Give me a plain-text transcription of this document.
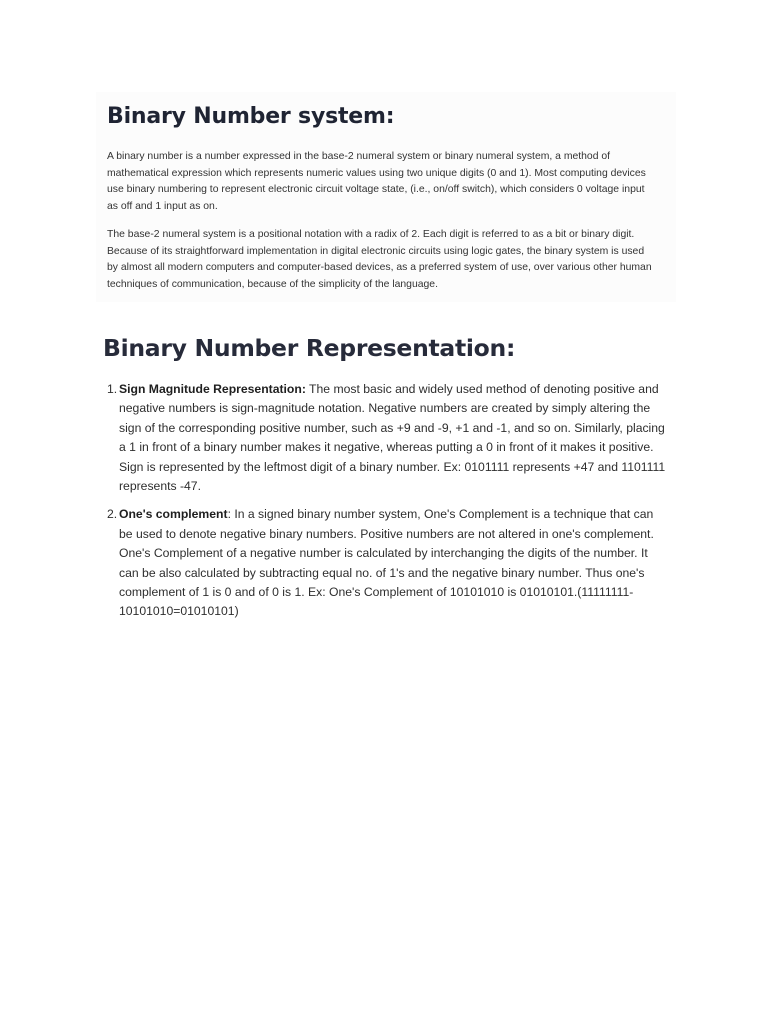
Binary Number system:

A binary number is a number expressed in the base-2 numeral system or binary numeral system, a method of mathematical expression which represents numeric values using two unique digits (0 and 1). Most computing devices use binary numbering to represent electronic circuit voltage state, (i.e., on/off switch), which considers 0 voltage input as off and 1 input as on.

The base-2 numeral system is a positional notation with a radix of 2. Each digit is referred to as a bit or binary digit. Because of its straightforward implementation in digital electronic circuits using logic gates, the binary system is used by almost all modern computers and computer-based devices, as a preferred system of use, over various other human techniques of communication, because of the simplicity of the language.

Binary Number Representation:
1. Sign Magnitude Representation: The most basic and widely used method of denoting positive and negative numbers is sign-magnitude notation. Negative numbers are created by simply altering the sign of the corresponding positive number, such as +9 and -9, +1 and -1, and so on. Similarly, placing a 1 in front of a binary number makes it negative, whereas putting a 0 in front of it makes it positive. Sign is represented by the leftmost digit of a binary number. Ex: 0101111 represents +47 and 1101111 represents -47.
2. One's complement: In a signed binary number system, One's Complement is a technique that can be used to denote negative binary numbers. Positive numbers are not altered in one's complement. One's Complement of a negative number is calculated by interchanging the digits of the number. It can be also calculated by subtracting equal no. of 1's and the negative binary number. Thus one's complement of 1 is 0 and of 0 is 1. Ex: One's Complement of 10101010 is 01010101.(11111111-10101010=01010101)
